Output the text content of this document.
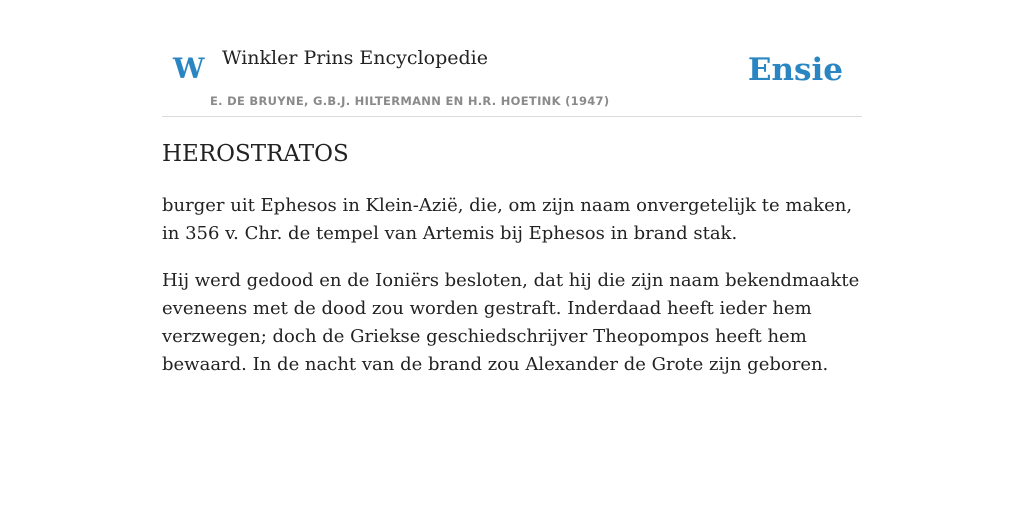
W Winkler Prins Encyclopedie
E. DE BRUYNE, G.B.J. HILTERMANN EN H.R. HOETINK (1947)
Ensie
HEROSTRATOS

burger uit Ephesos in Klein-Azië, die, om zijn naam onvergetelijk te maken, in 356 v. Chr. de tempel van Artemis bij Ephesos in brand stak.

Hij werd gedood en de Ioniërs besloten, dat hij die zijn naam bekendmaakte eveneens met de dood zou worden gestraft. Inderdaad heeft ieder hem verzwegen; doch de Griekse geschiedschrijver Theopompos heeft hem bewaard. In de nacht van de brand zou Alexander de Grote zijn geboren.
